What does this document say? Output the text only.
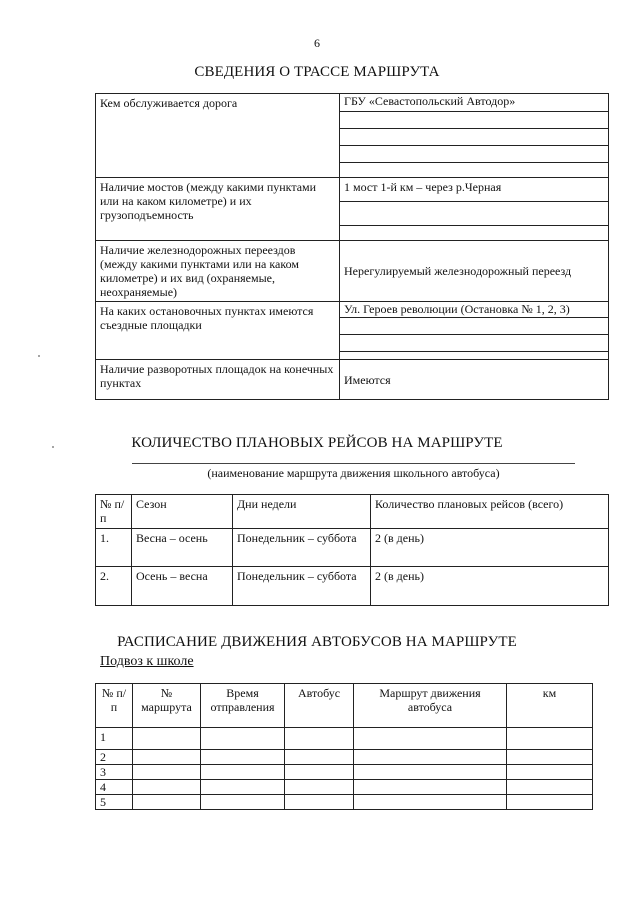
6
СВЕДЕНИЯ О ТРАССЕ МАРШРУТА
Кем обслуживается дорога	ГБУ «Севастопольский Автодор»

Наличие мостов (между какими пунктами или на каком километре) и их грузоподъемность	1 мост 1-й км – через р.Черная

Наличие железнодорожных переездов (между какими пунктами или на каком километре) и их вид (охраняемые, неохраняемые)	Нерегулируемый железнодорожный переезд
На каких остановочных пунктах имеются съездные площадки	Ул. Героев революции (Остановка № 1, 2, 3)

Наличие разворотных площадок на конечных пунктах	Имеются
КОЛИЧЕСТВО ПЛАНОВЫХ РЕЙСОВ НА МАРШРУТЕ
(наименование маршрута движения школьного автобуса)
№ п/п	Сезон	Дни недели	Количество плановых рейсов (всего)
1.	Весна – осень	Понедельник – суббота	2 (в день)
2.	Осень – весна	Понедельник – суббота	2 (в день)
РАСПИСАНИЕ ДВИЖЕНИЯ АВТОБУСОВ НА МАРШРУТЕ
Подвоз к школе
№ п/п	№ маршрута	Время отправления	Автобус	Маршрут движения автобуса	км
1					
2					
3					
4					
5					
